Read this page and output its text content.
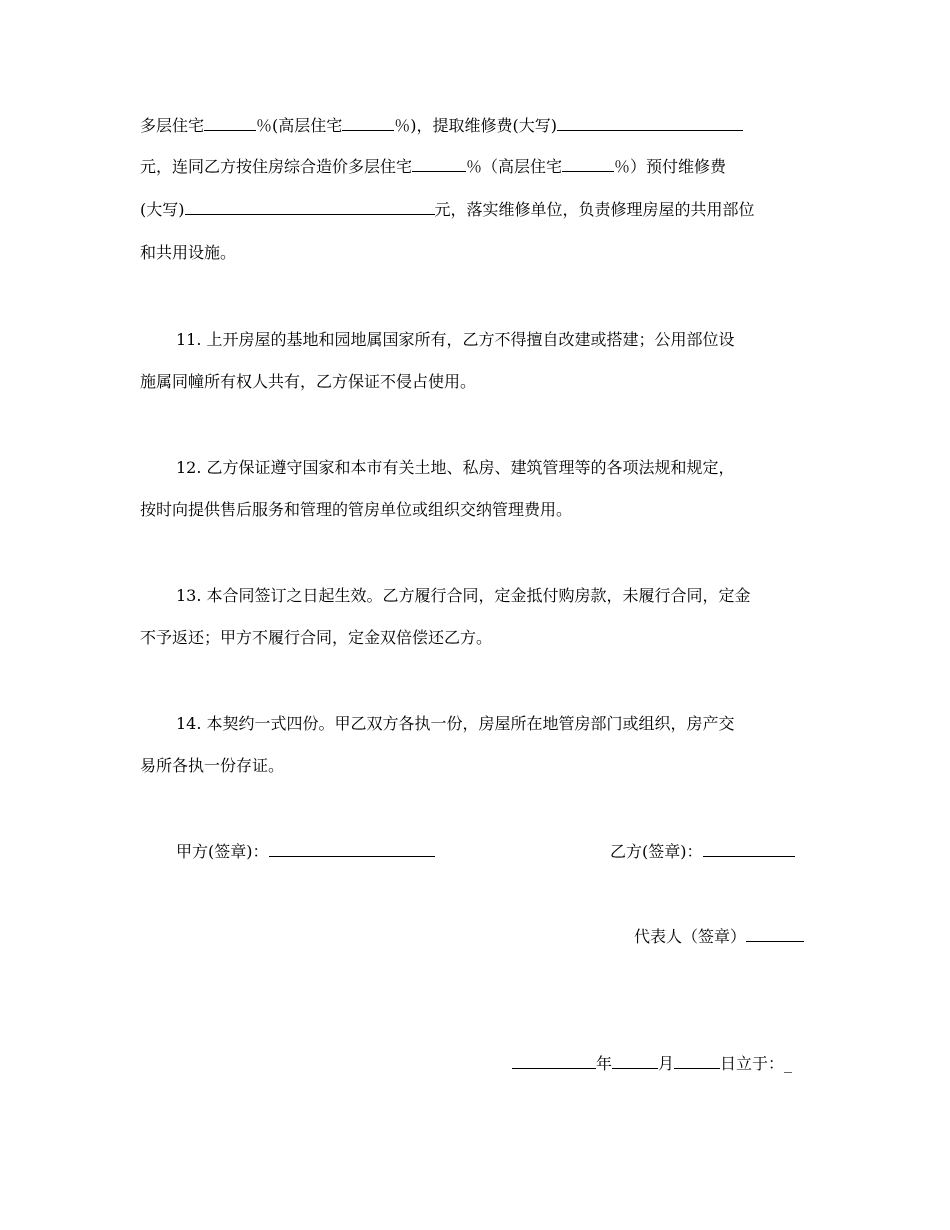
多层住宅	％(高层住宅	％)，提取维修费(大写)
元，连同乙方按住房综合造价多层住宅	％（高层住宅	％）预付维修费
(大写)	元，落实维修单位，负责修理房屋的共用部位
和共用设施。
11. 上开房屋的基地和园地属国家所有，乙方不得擅自改建或搭建；公用部位设
施属同幢所有权人共有，乙方保证不侵占使用。
12. 乙方保证遵守国家和本市有关土地、私房、建筑管理等的各项法规和规定，
按时向提供售后服务和管理的管房单位或组织交纳管理费用。
13. 本合同签订之日起生效。乙方履行合同，定金抵付购房款，未履行合同，定金
不予返还；甲方不履行合同，定金双倍偿还乙方。
14. 本契约一式四份。甲乙双方各执一份，房屋所在地管房部门或组织，房产交
易所各执一份存证。
甲方(签章)：	乙方(签章)：
代表人（签章）
年	月	日立于：_
